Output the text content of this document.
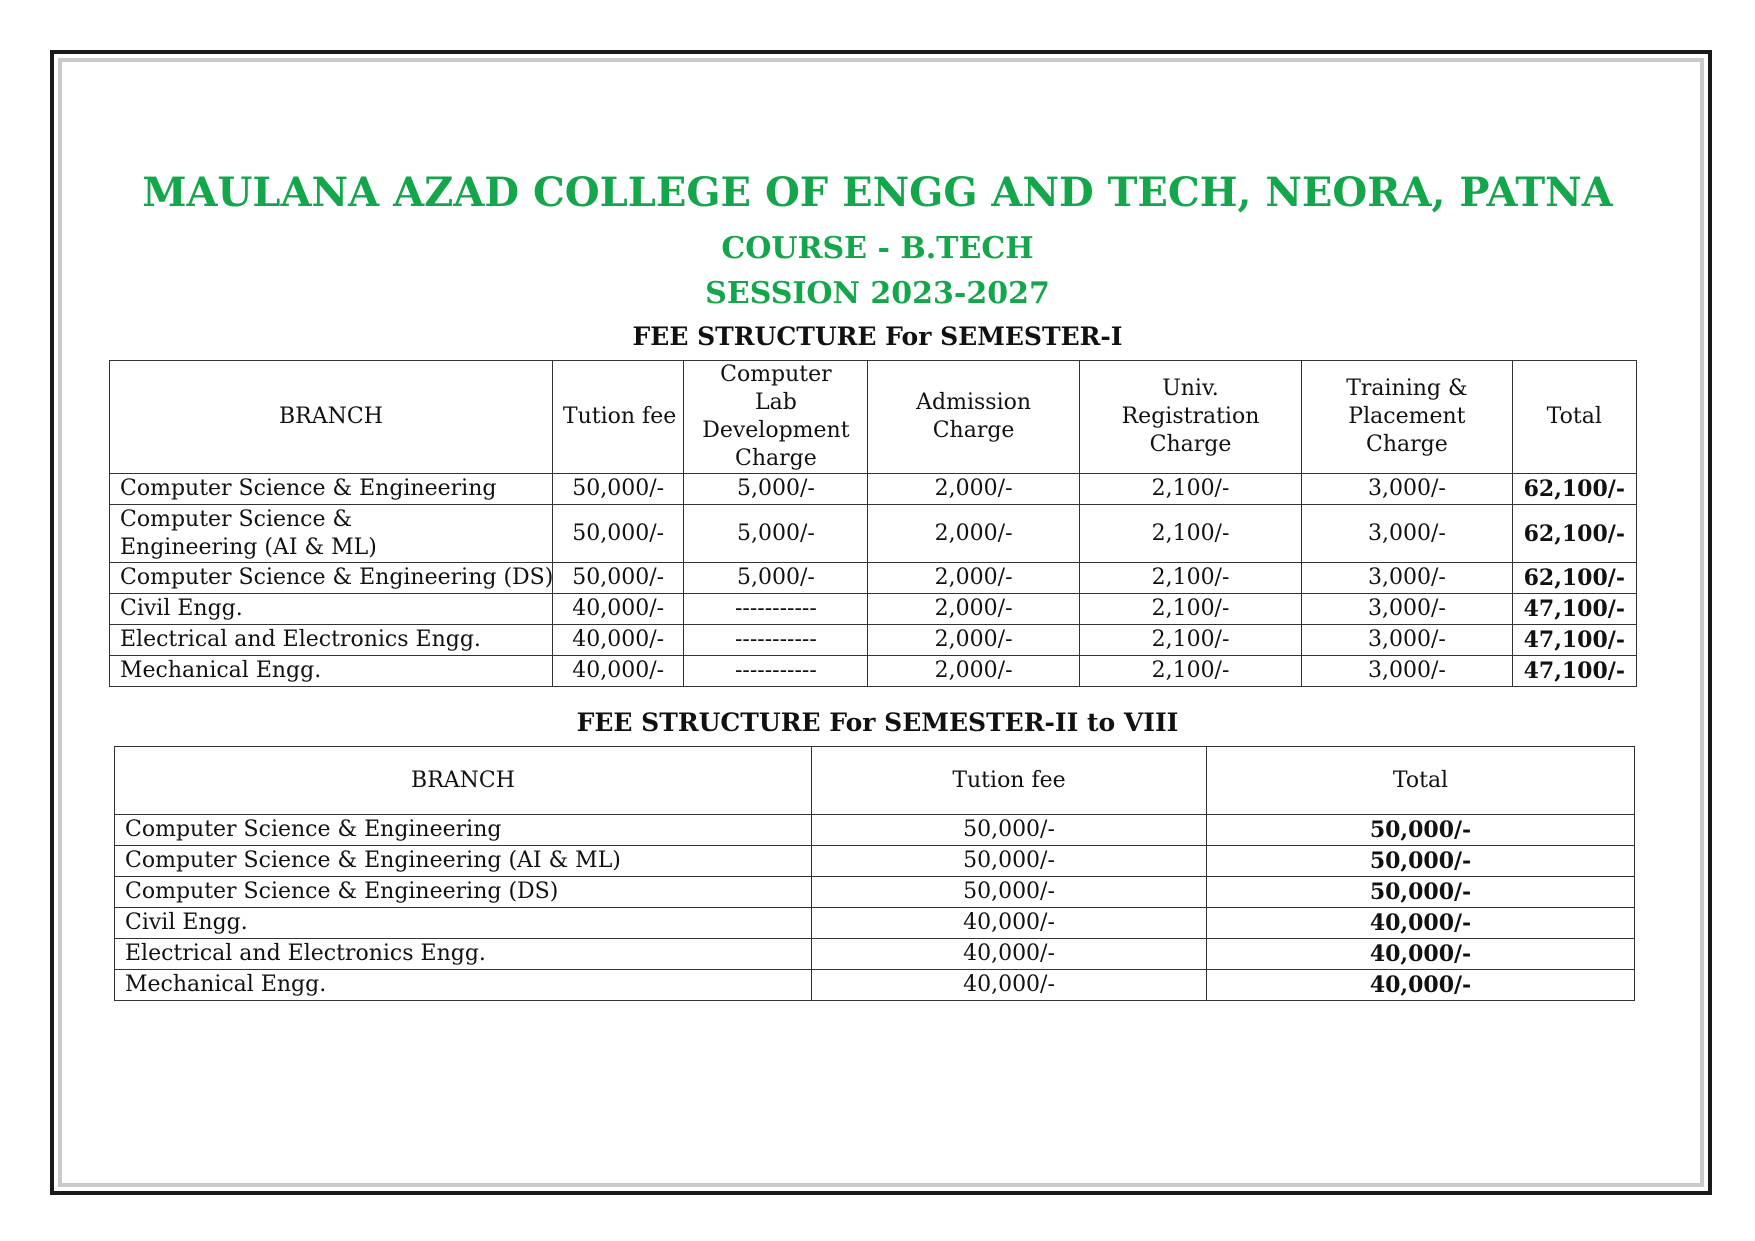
MAULANA AZAD COLLEGE OF ENGG AND TECH, NEORA, PATNA
COURSE - B.TECH
SESSION 2023-2027
FEE STRUCTURE For SEMESTER-I
BRANCH	Tution fee	Computer Lab Development Charge	Admission Charge	Univ. Registration Charge	Training & Placement Charge	Total
Computer Science & Engineering	50,000/-	5,000/-	2,000/-	2,100/-	3,000/-	62,100/-
Computer Science & Engineering (AI & ML)	50,000/-	5,000/-	2,000/-	2,100/-	3,000/-	62,100/-
Computer Science & Engineering (DS)	50,000/-	5,000/-	2,000/-	2,100/-	3,000/-	62,100/-
Civil Engg.	40,000/-	-----------	2,000/-	2,100/-	3,000/-	47,100/-
Electrical and Electronics Engg.	40,000/-	-----------	2,000/-	2,100/-	3,000/-	47,100/-
Mechanical Engg.	40,000/-	-----------	2,000/-	2,100/-	3,000/-	47,100/-
FEE STRUCTURE For SEMESTER-II to VIII
BRANCH	Tution fee	Total
Computer Science & Engineering	50,000/-	50,000/-
Computer Science & Engineering (AI & ML)	50,000/-	50,000/-
Computer Science & Engineering (DS)	50,000/-	50,000/-
Civil Engg.	40,000/-	40,000/-
Electrical and Electronics Engg.	40,000/-	40,000/-
Mechanical Engg.	40,000/-	40,000/-
